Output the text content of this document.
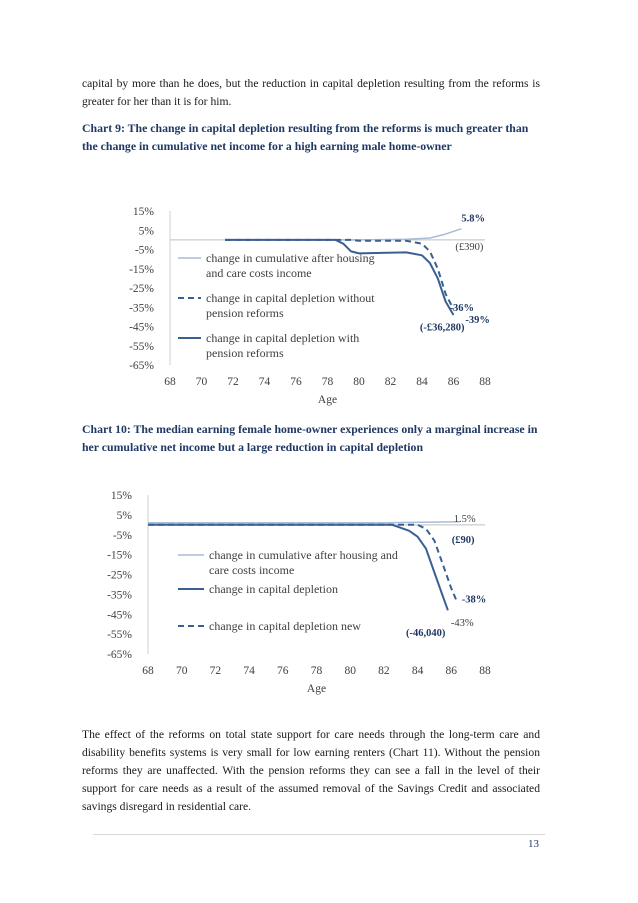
capital by more than he does, but the reduction in capital depletion resulting from the reforms is greater for her than it is for him.

Chart 9: The change in capital depletion resulting from the reforms is much greater than the change in cumulative net income for a high earning male home-owner

15%
5%
-5%
-15%
-25%
-35%
-45%
-55%
-65%
68 70 72 74 76 78 80 82 84 86 88
Age
change in cumulative after housing
and care costs income
change in capital depletion without
pension reforms
change in capital depletion with
pension reforms
5.8%
(£390)
-36%
-39%
(-£36,280)

Chart 10: The median earning female home-owner experiences only a marginal increase in her cumulative net income but a large reduction in capital depletion

15%
5%
-5%
-15%
-25%
-35%
-45%
-55%
-65%
68 70 72 74 76 78 80 82 84 86 88
Age
change in cumulative after housing and
care costs income
change in capital depletion
change in capital depletion new
1.5%
(£90)
-38%
-43%
(-46,040)

The effect of the reforms on total state support for care needs through the long-term care and disability benefits systems is very small for low earning renters (Chart 11). Without the pension reforms they are unaffected. With the pension reforms they can see a fall in the level of their support for care needs as a result of the assumed removal of the Savings Credit and associated savings disregard in residential care.

13
